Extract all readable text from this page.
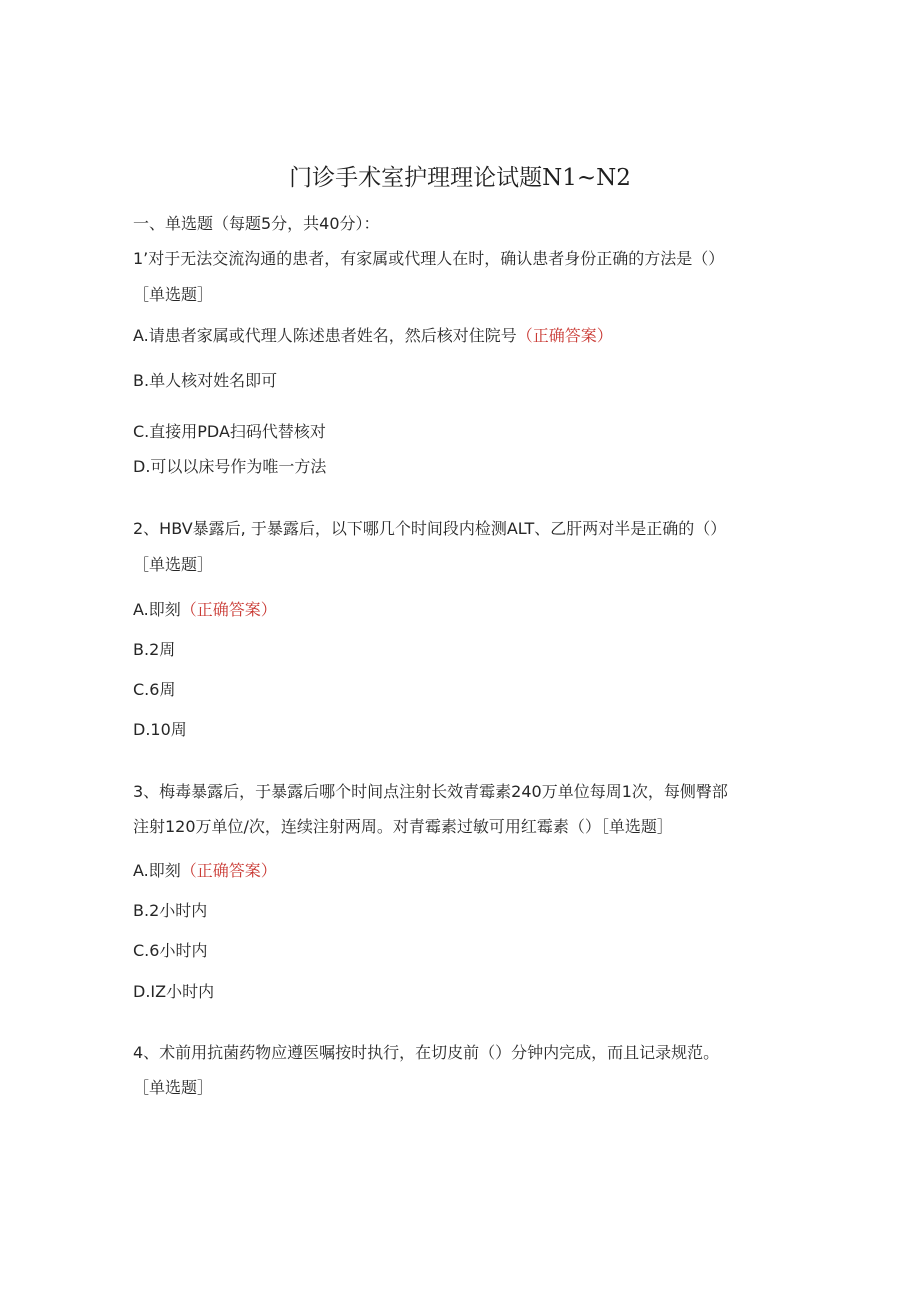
门诊手术室护理理论试题N1~N2
一、单选题（每题5分，共40分）：
1’对于无法交流沟通的患者，有家属或代理人在时，确认患者身份正确的方法是（）
［单选题］
A.请患者家属或代理人陈述患者姓名，然后核对住院号（正确答案）
B.单人核对姓名即可
C.直接用PDA扫码代替核对
D.可以以床号作为唯一方法
2、HBV暴露后, 于暴露后，以下哪几个时间段内检测ALT、乙肝两对半是正确的（）
［单选题］
A.即刻（正确答案）
B.2周
C.6周
D.10周
3、梅毒暴露后，于暴露后哪个时间点注射长效青霉素240万单位每周1次，每侧臀部
注射120万单位/次，连续注射两周。对青霉素过敏可用红霉素（）［单选题］
A.即刻（正确答案）
B.2小时内
C.6小时内
D.IZ小时内
4、术前用抗菌药物应遵医嘱按时执行，在切皮前（）分钟内完成，而且记录规范。
［单选题］
